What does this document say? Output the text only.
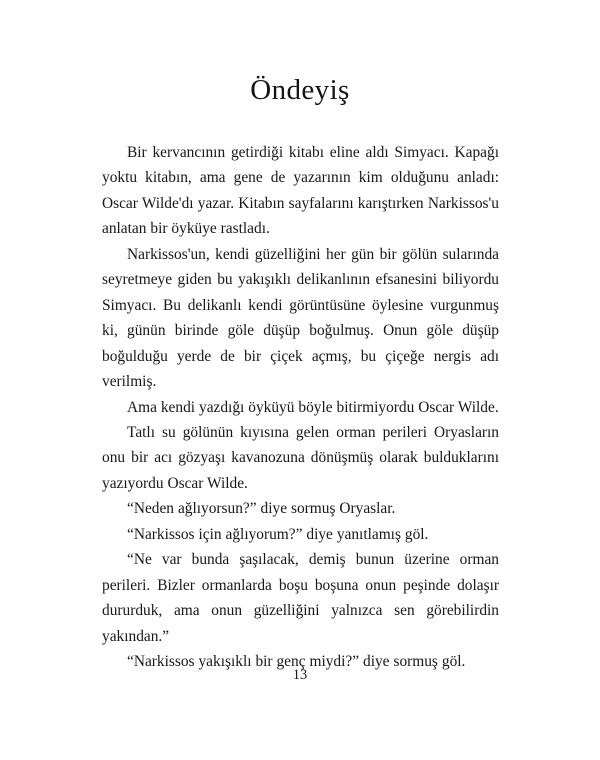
Öndeyiş

Bir kervancının getirdiği kitabı eline aldı Simyacı. Kapağı yoktu kitabın, ama gene de yazarının kim olduğunu anladı: Oscar Wilde'dı yazar. Kitabın sayfalarını karıştırken Narkissos'u anlatan bir öyküye rastladı.

Narkissos'un, kendi güzelliğini her gün bir gölün sularında seyretmeye giden bu yakışıklı delikanlının efsanesini biliyordu Simyacı. Bu delikanlı kendi görüntüsüne öylesine vurgunmuş ki, günün birinde göle düşüp boğulmuş. Onun göle düşüp boğulduğu yerde de bir çiçek açmış, bu çiçeğe nergis adı verilmiş.

Ama kendi yazdığı öyküyü böyle bitirmiyordu Oscar Wilde.

Tatlı su gölünün kıyısına gelen orman perileri Oryasların onu bir acı gözyaşı kavanozuna dönüşmüş olarak bulduklarını yazıyordu Oscar Wilde.

“Neden ağlıyorsun?” diye sormuş Oryaslar.

“Narkissos için ağlıyorum?” diye yanıtlamış göl.

“Ne var bunda şaşılacak, demiş bunun üzerine orman perileri. Bizler ormanlarda boşu boşuna onun peşinde dolaşır dururduk, ama onun güzelliğini yalnızca sen görebilirdin yakından.”

“Narkissos yakışıklı bir genç miydi?” diye sormuş göl.

13
